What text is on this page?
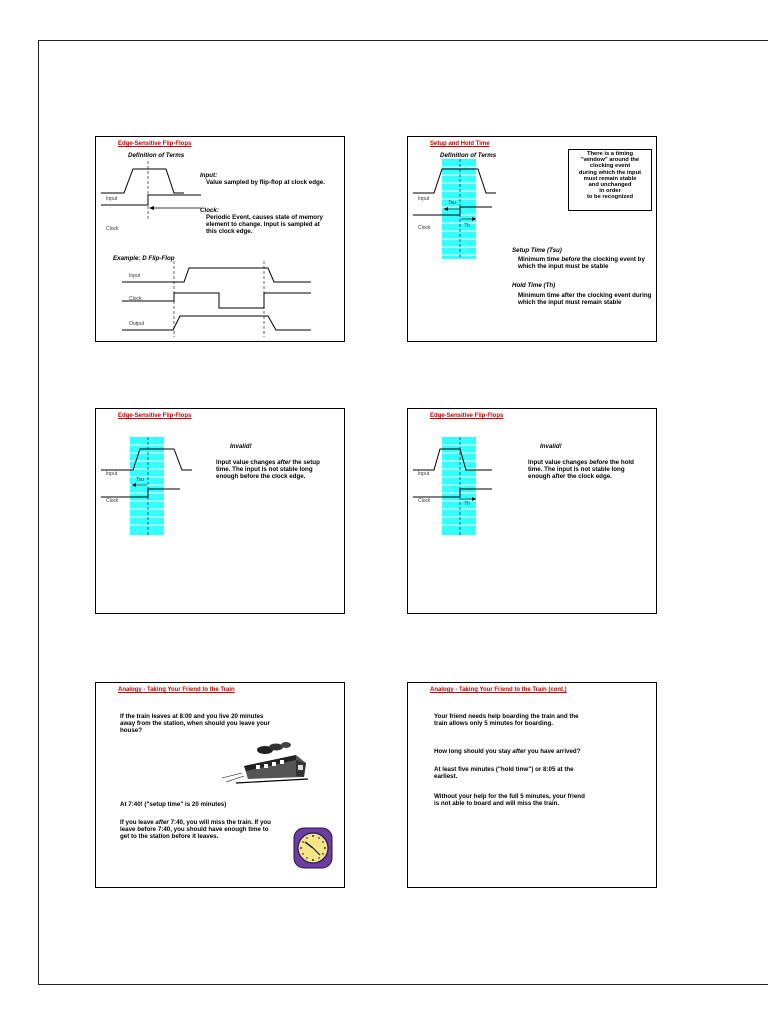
Edge-Sensitive Flip-Flops
Definition of Terms
Input
Clock
Input:
Value sampled by flip-flop at clock edge.
Clock:
Periodic Event, causes state of memory
element to change. Input is sampled at
this clock edge.
Example: D Flip-Flop
Input
Clock
Output
Setup and Hold Time
Definition of Terms
Tsu
Th
Input
Clock
There is a timing
"window" around the
clocking event
during which the input
must remain stable
and unchanged
in order
to be recognized
Setup Time (Tsu)
Minimum time before the clocking event by
which the input must be stable
Hold Time (Th)
Minimum time after the clocking event during
which the input must remain stable
Edge-Sensitive Flip-Flops
Tsu
Input
Clock
Invalid!
Input value changes after the setup
time. The input is not stable long
enough before the clock edge.
Edge-Sensitive Flip-Flops
Th
Input
Clock
Invalid!
Input value changes before the hold
time. The input is not stable long
enough after the clock edge.
Analogy - Taking Your Friend to the Train
If the train leaves at 8:00 and you live 20 minutes
away from the station, when should you leave your
house?
At 7:40! ("setup time" is 20 minutes)
If you leave after 7:40, you will miss the train. If you
leave before 7:40, you should have enough time to
get to the station before it leaves.
Analogy - Taking Your Friend to the Train (cont.)
Your friend needs help boarding the train and the
train allows only 5 minutes for boarding.
How long should you stay after you have arrived?
At least five minutes ("hold time") or 8:05 at the
earliest.
Without your help for the full 5 minutes, your friend
is not able to board and will miss the train.
